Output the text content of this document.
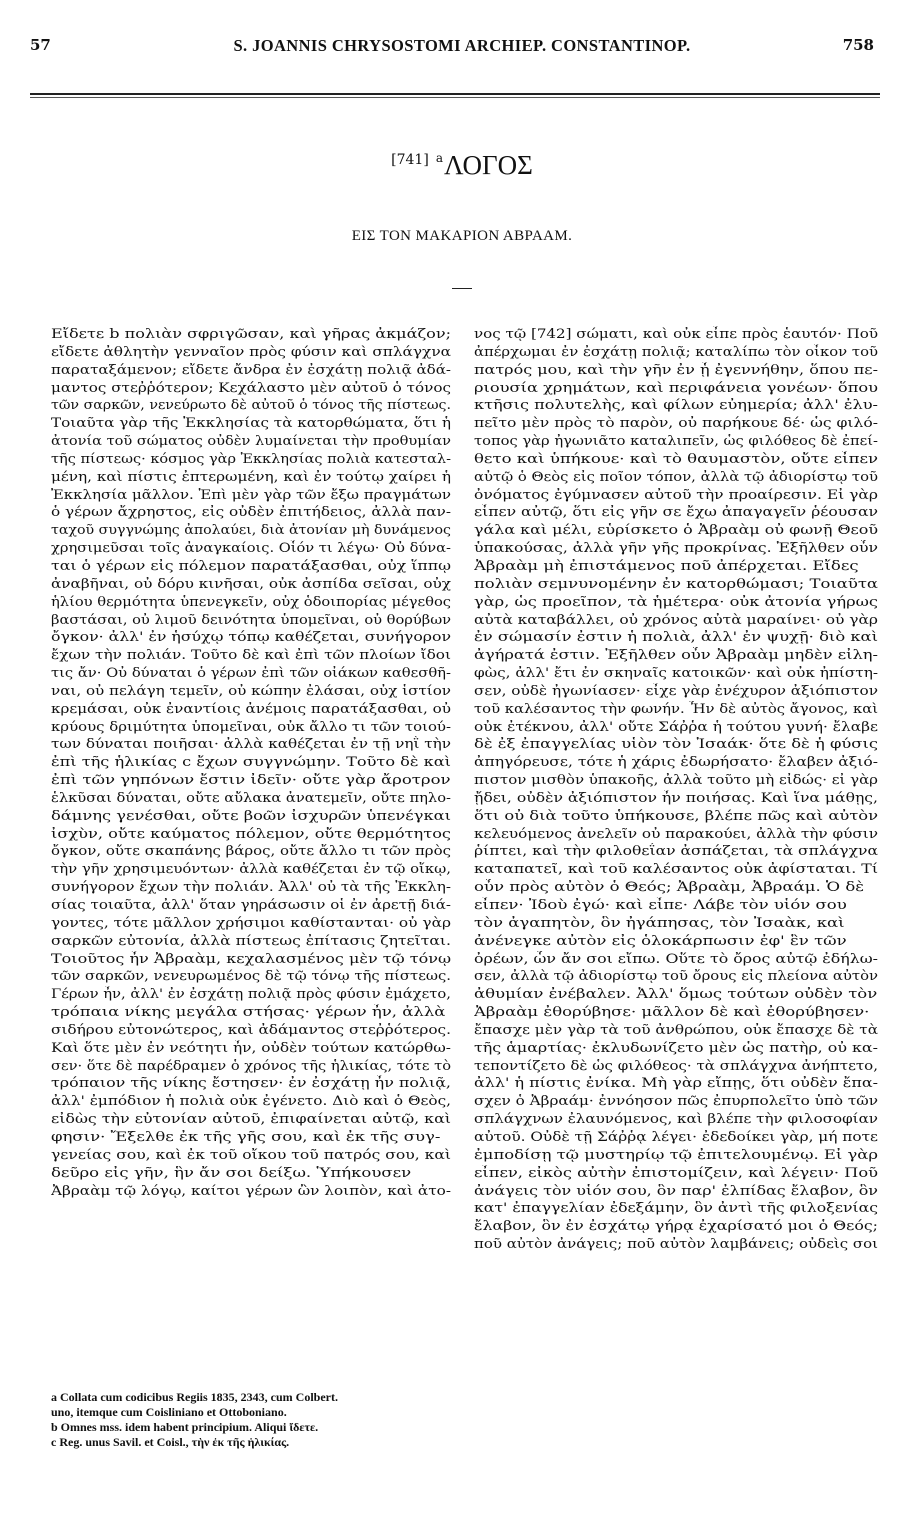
57	S. JOANNIS CHRYSOSTOMI ARCHIEP. CONSTANTINOP.	758
[741] $^a$ΛΟΓΟΣ
ΕΙΣ ΤΟΝ ΜΑΚΑΡΙΟΝ ΑΒΡΑΑΜ.
Εἴδετε b πολιὰν σφριγῶσαν, καὶ γῆρας ἀκμάζον;
εἴδετε ἀθλητὴν γενναῖον πρὸς φύσιν καὶ σπλάγχνα
παραταξάμενον; εἴδετε ἄνδρα ἐν ἐσχάτῃ πολιᾷ ἀδά-
μαντος στεῤῥότερον; Κεχάλαστο μὲν αὐτοῦ ὁ τόνος
τῶν σαρκῶν, νενεύρωτο δὲ αὐτοῦ ὁ τόνος τῆς πίστεως.
Τοιαῦτα γὰρ τῆς Ἐκκλησίας τὰ κατορθώματα, ὅτι ἡ
ἀτονία τοῦ σώματος οὐδὲν λυμαίνεται τὴν προθυμίαν
τῆς πίστεως· κόσμος γὰρ Ἐκκλησίας πολιὰ κατεσταλ-
μένη, καὶ πίστις ἐπτερωμένη, καὶ ἐν τούτῳ χαίρει ἡ
Ἐκκλησία μᾶλλον. Ἐπὶ μὲν γὰρ τῶν ἔξω πραγμάτων
ὁ γέρων ἄχρηστος, εἰς οὐδὲν ἐπιτήδειος, ἀλλὰ παν-
ταχοῦ συγγνώμης ἀπολαύει, διὰ ἀτονίαν μὴ δυνάμενος
χρησιμεῦσαι τοῖς ἀναγκαίοις. Οἷόν τι λέγω· Οὐ δύνα-
ται ὁ γέρων εἰς πόλεμον παρατάξασθαι, οὐχ ἵππῳ
ἀναβῆναι, οὐ δόρυ κινῆσαι, οὐκ ἀσπίδα σεῖσαι, οὐχ
ἡλίου θερμότητα ὑπενεγκεῖν, οὐχ ὁδοιπορίας μέγεθος
βαστάσαι, οὐ λιμοῦ δεινότητα ὑπομεῖναι, οὐ θορύβων
ὄγκον· ἀλλ' ἐν ἡσύχῳ τόπῳ καθέζεται, συνήγορον
ἔχων τὴν πολιάν. Τοῦτο δὲ καὶ ἐπὶ τῶν πλοίων ἴδοι
τις ἄν· Οὐ δύναται ὁ γέρων ἐπὶ τῶν οἰάκων καθεσθῆ-
ναι, οὐ πελάγη τεμεῖν, οὐ κώπην ἐλάσαι, οὐχ ἱστίον
κρεμάσαι, οὐκ ἐναντίοις ἀνέμοις παρατάξασθαι, οὐ
κρύους δριμύτητα ὑπομεῖναι, οὐκ ἄλλο τι τῶν τοιού-
των δύναται ποιῆσαι· ἀλλὰ καθέζεται ἐν τῇ νηῒ τὴν
ἐπὶ τῆς ἡλικίας c ἔχων συγγνώμην. Τοῦτο δὲ καὶ
ἐπὶ τῶν γηπόνων ἔστιν ἰδεῖν· οὔτε γὰρ ἄροτρον
ἑλκῦσαι δύναται, οὔτε αὔλακα ἀνατεμεῖν, οὔτε πηλο-
δάμνης γενέσθαι, οὔτε βοῶν ἰσχυρῶν ὑπενέγκαι
ἰσχὺν, οὔτε καύματος πόλεμον, οὔτε θερμότητος
ὄγκον, οὔτε σκαπάνης βάρος, οὔτε ἄλλο τι τῶν πρὸς
τὴν γῆν χρησιμευόντων· ἀλλὰ καθέζεται ἐν τῷ οἴκῳ,
συνήγορον ἔχων τὴν πολιάν. Ἀλλ' οὐ τὰ τῆς Ἐκκλη-
σίας τοιαῦτα, ἀλλ' ὅταν γηράσωσιν οἱ ἐν ἀρετῇ διά-
γοντες, τότε μᾶλλον χρήσιμοι καθίστανται· οὐ γὰρ
σαρκῶν εὐτονία, ἀλλὰ πίστεως ἐπίτασις ζητεῖται.
Τοιοῦτος ἦν Ἀβραὰμ, κεχαλασμένος μὲν τῷ τόνῳ
τῶν σαρκῶν, νενευρωμένος δὲ τῷ τόνῳ τῆς πίστεως.
Γέρων ἦν, ἀλλ' ἐν ἐσχάτῃ πολιᾷ πρὸς φύσιν ἐμάχετο,
τρόπαια νίκης μεγάλα στήσας· γέρων ἦν, ἀλλὰ
σιδήρου εὐτονώτερος, καὶ ἀδάμαντος στεῤῥότερος.
Καὶ ὅτε μὲν ἐν νεότητι ἦν, οὐδὲν τούτων κατώρθω-
σεν· ὅτε δὲ παρέδραμεν ὁ χρόνος τῆς ἡλικίας, τότε τὸ
τρόπαιον τῆς νίκης ἔστησεν· ἐν ἐσχάτῃ ἦν πολιᾷ,
ἀλλ' ἐμπόδιον ἡ πολιὰ οὐκ ἐγένετο. Διὸ καὶ ὁ Θεὸς,
εἰδὼς τὴν εὐτονίαν αὐτοῦ, ἐπιφαίνεται αὐτῷ, καὶ
φησιν· Ἔξελθε ἐκ τῆς γῆς σου, καὶ ἐκ τῆς συγ-
γενείας σου, καὶ ἐκ τοῦ οἴκου τοῦ πατρός σου, καὶ
δεῦρο εἰς γῆν, ἣν ἄν σοι δείξω. Ὑπήκουσεν
Ἀβραὰμ τῷ λόγῳ, καίτοι γέρων ὢν λοιπὸν, καὶ ἀτο-
νος τῷ [742] σώματι, καὶ οὐκ εἶπε πρὸς ἑαυτόν· Ποῦ
ἀπέρχωμαι ἐν ἐσχάτῃ πολιᾷ; καταλίπω τὸν οἶκον τοῦ
πατρός μου, καὶ τὴν γῆν ἐν ᾗ ἐγεννήθην, ὅπου πε-
ριουσία χρημάτων, καὶ περιφάνεια γονέων· ὅπου
κτῆσις πολυτελὴς, καὶ φίλων εὐημερία; ἀλλ' ἐλυ-
πεῖτο μὲν πρὸς τὸ παρὸν, οὐ παρήκουε δέ· ὡς φιλό-
τοπος γὰρ ἠγωνιᾶτο καταλιπεῖν, ὡς φιλόθεος δὲ ἐπεί-
θετο καὶ ὑπήκουε· καὶ τὸ θαυμαστὸν, οὔτε εἶπεν
αὐτῷ ὁ Θεὸς εἰς ποῖον τόπον, ἀλλὰ τῷ ἀδιορίστῳ τοῦ
ὀνόματος ἐγύμνασεν αὐτοῦ τὴν προαίρεσιν. Εἰ γὰρ
εἶπεν αὐτῷ, ὅτι εἰς γῆν σε ἔχω ἀπαγαγεῖν ῥέουσαν
γάλα καὶ μέλι, εὑρίσκετο ὁ Ἀβραὰμ οὐ φωνῇ Θεοῦ
ὑπακούσας, ἀλλὰ γῆν γῆς προκρίνας. Ἐξῆλθεν οὖν
Ἀβραὰμ μὴ ἐπιστάμενος ποῦ ἀπέρχεται. Εἴδες
πολιὰν σεμνυνομένην ἐν κατορθώμασι; Τοιαῦτα
γὰρ, ὡς προεῖπον, τὰ ἡμέτερα· οὐκ ἀτονία γήρως
αὐτὰ καταβάλλει, οὐ χρόνος αὐτὰ μαραίνει· οὐ γὰρ
ἐν σώμασίν ἐστιν ἡ πολιὰ, ἀλλ' ἐν ψυχῇ· διὸ καὶ
ἀγήρατά ἐστιν. Ἐξῆλθεν οὖν Ἀβραὰμ μηδὲν εἰλη-
φὼς, ἀλλ' ἔτι ἐν σκηναῖς κατοικῶν· καὶ οὐκ ἠπίστη-
σεν, οὐδὲ ἠγωνίασεν· εἶχε γὰρ ἐνέχυρον ἀξιόπιστον
τοῦ καλέσαντος τὴν φωνήν. Ἦν δὲ αὐτὸς ἄγονος, καὶ
οὐκ ἐτέκνου, ἀλλ' οὔτε Σάῤῥα ἡ τούτου γυνή· ἔλαβε
δὲ ἐξ ἐπαγγελίας υἱὸν τὸν Ἰσαάκ· ὅτε δὲ ἡ φύσις
ἀπηγόρευσε, τότε ἡ χάρις ἐδωρήσατο· ἔλαβεν ἀξιό-
πιστον μισθὸν ὑπακοῆς, ἀλλὰ τοῦτο μὴ εἰδώς· εἰ γὰρ
ᾔδει, οὐδὲν ἀξιόπιστον ἦν ποιήσας. Καὶ ἵνα μάθῃς,
ὅτι οὐ διὰ τοῦτο ὑπήκουσε, βλέπε πῶς καὶ αὐτὸν
κελευόμενος ἀνελεῖν οὐ παρακούει, ἀλλὰ τὴν φύσιν
ῥίπτει, καὶ τὴν φιλοθεΐαν ἀσπάζεται, τὰ σπλάγχνα
καταπατεῖ, καὶ τοῦ καλέσαντος οὐκ ἀφίσταται. Τί
οὖν πρὸς αὐτὸν ὁ Θεός; Ἀβραὰμ, Ἀβραάμ. Ὁ δὲ
εἶπεν· Ἰδοὺ ἐγώ· καὶ εἶπε· Λάβε τὸν υἱόν σου
τὸν ἀγαπητὸν, ὃν ἠγάπησας, τὸν Ἰσαὰκ, καὶ
ἀνένεγκε αὐτὸν εἰς ὁλοκάρπωσιν ἐφ' ἓν τῶν
ὀρέων, ὧν ἄν σοι εἴπω. Οὕτε τὸ ὄρος αὐτῷ ἐδήλω-
σεν, ἀλλὰ τῷ ἀδιορίστῳ τοῦ ὄρους εἰς πλείονα αὐτὸν
ἀθυμίαν ἐνέβαλεν. Ἀλλ' ὅμως τούτων οὐδὲν τὸν
Ἀβραὰμ ἐθορύβησε· μᾶλλον δὲ καὶ ἐθορύβησεν·
ἔπασχε μὲν γὰρ τὰ τοῦ ἀνθρώπου, οὐκ ἔπασχε δὲ τὰ
τῆς ἁμαρτίας· ἐκλυδωνίζετο μὲν ὡς πατὴρ, οὐ κα-
τεποντίζετο δὲ ὡς φιλόθεος· τὰ σπλάγχνα ἀνήπτετο,
ἀλλ' ἡ πίστις ἐνίκα. Μὴ γὰρ εἴπῃς, ὅτι οὐδὲν ἔπα-
σχεν ὁ Ἀβραάμ· ἐννόησον πῶς ἐπυρπολεῖτο ὑπὸ τῶν
σπλάγχνων ἐλαυνόμενος, καὶ βλέπε τὴν φιλοσοφίαν
αὐτοῦ. Οὐδὲ τῇ Σάῤῥᾳ λέγει· ἐδεδοίκει γὰρ, μή ποτε
ἐμποδίσῃ τῷ μυστηρίῳ τῷ ἐπιτελουμένῳ. Εἰ γὰρ
εἶπεν, εἰκὸς αὐτὴν ἐπιστομίζειν, καὶ λέγειν· Ποῦ
ἀνάγεις τὸν υἱόν σου, ὃν παρ' ἐλπίδας ἔλαβον, ὃν
κατ' ἐπαγγελίαν ἐδεξάμην, ὃν ἀντὶ τῆς φιλοξενίας
ἔλαβον, ὃν ἐν ἐσχάτῳ γήρᾳ ἐχαρίσατό μοι ὁ Θεός;
ποῦ αὐτὸν ἀνάγεις; ποῦ αὐτὸν λαμβάνεις; οὐδεὶς σοι
a Collata cum codicibus Regiis 1835, 2343, cum Colbert.
uno, itemque cum Coisliniano et Ottoboniano.
b Omnes mss. idem habent principium. Aliqui ἴδετε.
c Reg. unus Savil. et Coisl., τὴν ἐκ τῆς ἡλικίας.
